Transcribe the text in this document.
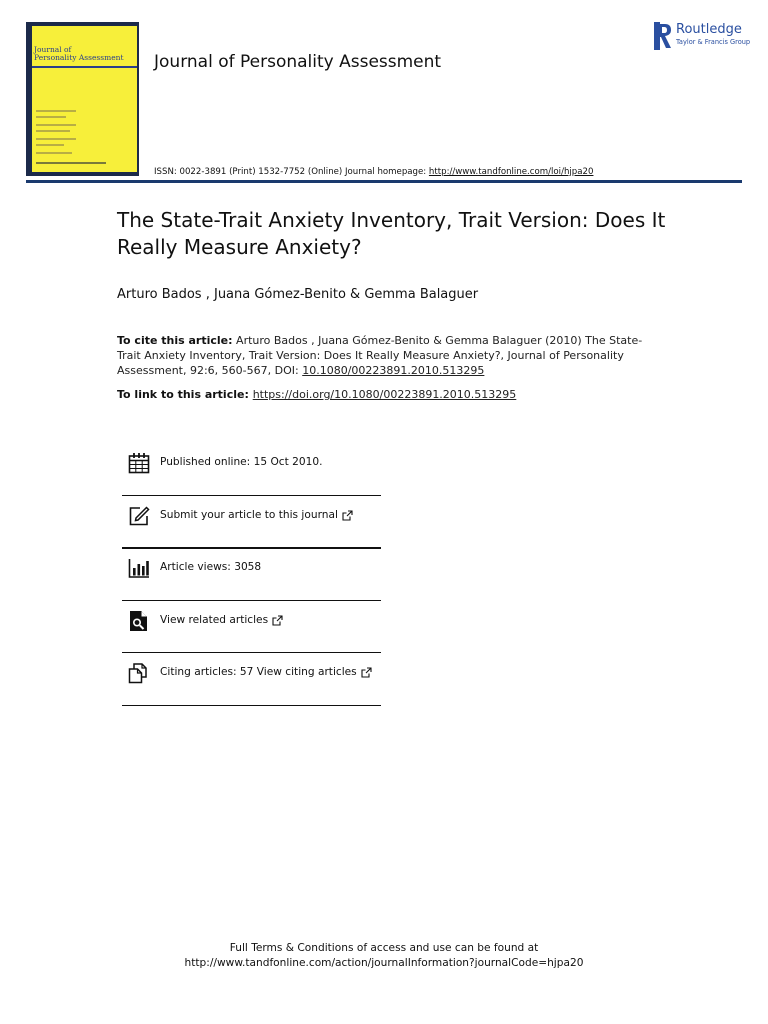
Journal of
Personality Assessment Journal of Personality Assessment
Routledge
Taylor & Francis Group
ISSN: 0022-3891 (Print) 1532-7752 (Online) Journal homepage: http://www.tandfonline.com/loi/hjpa20
The State-Trait Anxiety Inventory, Trait Version: Does It Really Measure Anxiety?
Arturo Bados , Juana Gómez-Benito & Gemma Balaguer
To cite this article: Arturo Bados , Juana Gómez-Benito & Gemma Balaguer (2010) The State-Trait Anxiety Inventory, Trait Version: Does It Really Measure Anxiety?, Journal of Personality Assessment, 92:6, 560-567, DOI: 10.1080/00223891.2010.513295
To link to this article: https://doi.org/10.1080/00223891.2010.513295
Published online: 15 Oct 2010.
Submit your article to this journal
Article views: 3058
View related articles
Citing articles: 57 View citing articles
Full Terms & Conditions of access and use can be found at
http://www.tandfonline.com/action/journalInformation?journalCode=hjpa20
